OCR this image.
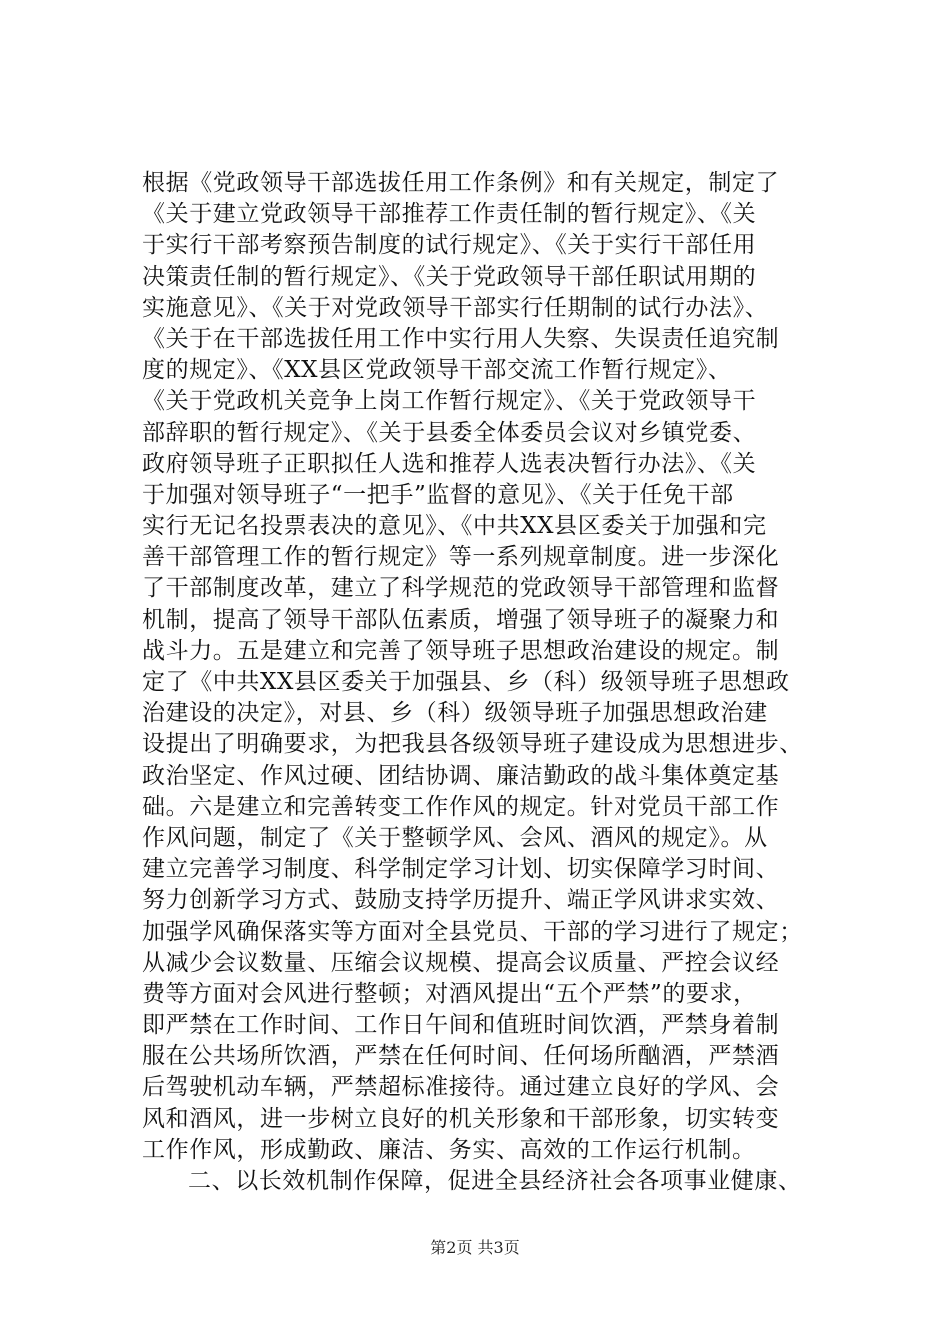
根据《党政领导干部选拔任用工作条例》和有关规定，制定了
《关于建立党政领导干部推荐工作责任制的暂行规定》、《关
于实行干部考察预告制度的试行规定》、《关于实行干部任用
决策责任制的暂行规定》、《关于党政领导干部任职试用期的
实施意见》、《关于对党政领导干部实行任期制的试行办法》、
《关于在干部选拔任用工作中实行用人失察、失误责任追究制
度的规定》、《XX县区党政领导干部交流工作暂行规定》、
《关于党政机关竞争上岗工作暂行规定》、《关于党政领导干
部辞职的暂行规定》、《关于县委全体委员会议对乡镇党委、
政府领导班子正职拟任人选和推荐人选表决暂行办法》、《关
于加强对领导班子“一把手”监督的意见》、《关于任免干部
实行无记名投票表决的意见》、《中共XX县区委关于加强和完
善干部管理工作的暂行规定》等一系列规章制度。进一步深化
了干部制度改革，建立了科学规范的党政领导干部管理和监督
机制，提高了领导干部队伍素质，增强了领导班子的凝聚力和
战斗力。五是建立和完善了领导班子思想政治建设的规定。制
定了《中共XX县区委关于加强县、乡（科）级领导班子思想政
治建设的决定》，对县、乡（科）级领导班子加强思想政治建
设提出了明确要求，为把我县各级领导班子建设成为思想进步、
政治坚定、作风过硬、团结协调、廉洁勤政的战斗集体奠定基
础。六是建立和完善转变工作作风的规定。针对党员干部工作
作风问题，制定了《关于整顿学风、会风、酒风的规定》。从
建立完善学习制度、科学制定学习计划、切实保障学习时间、
努力创新学习方式、鼓励支持学历提升、端正学风讲求实效、
加强学风确保落实等方面对全县党员、干部的学习进行了规定；
从减少会议数量、压缩会议规模、提高会议质量、严控会议经
费等方面对会风进行整顿；对酒风提出“五个严禁”的要求，
即严禁在工作时间、工作日午间和值班时间饮酒，严禁身着制
服在公共场所饮酒，严禁在任何时间、任何场所酗酒，严禁酒
后驾驶机动车辆，严禁超标准接待。通过建立良好的学风、会
风和酒风，进一步树立良好的机关形象和干部形象，切实转变
工作作风，形成勤政、廉洁、务实、高效的工作运行机制。
二、以长效机制作保障，促进全县经济社会各项事业健康、
第2页 共3页
